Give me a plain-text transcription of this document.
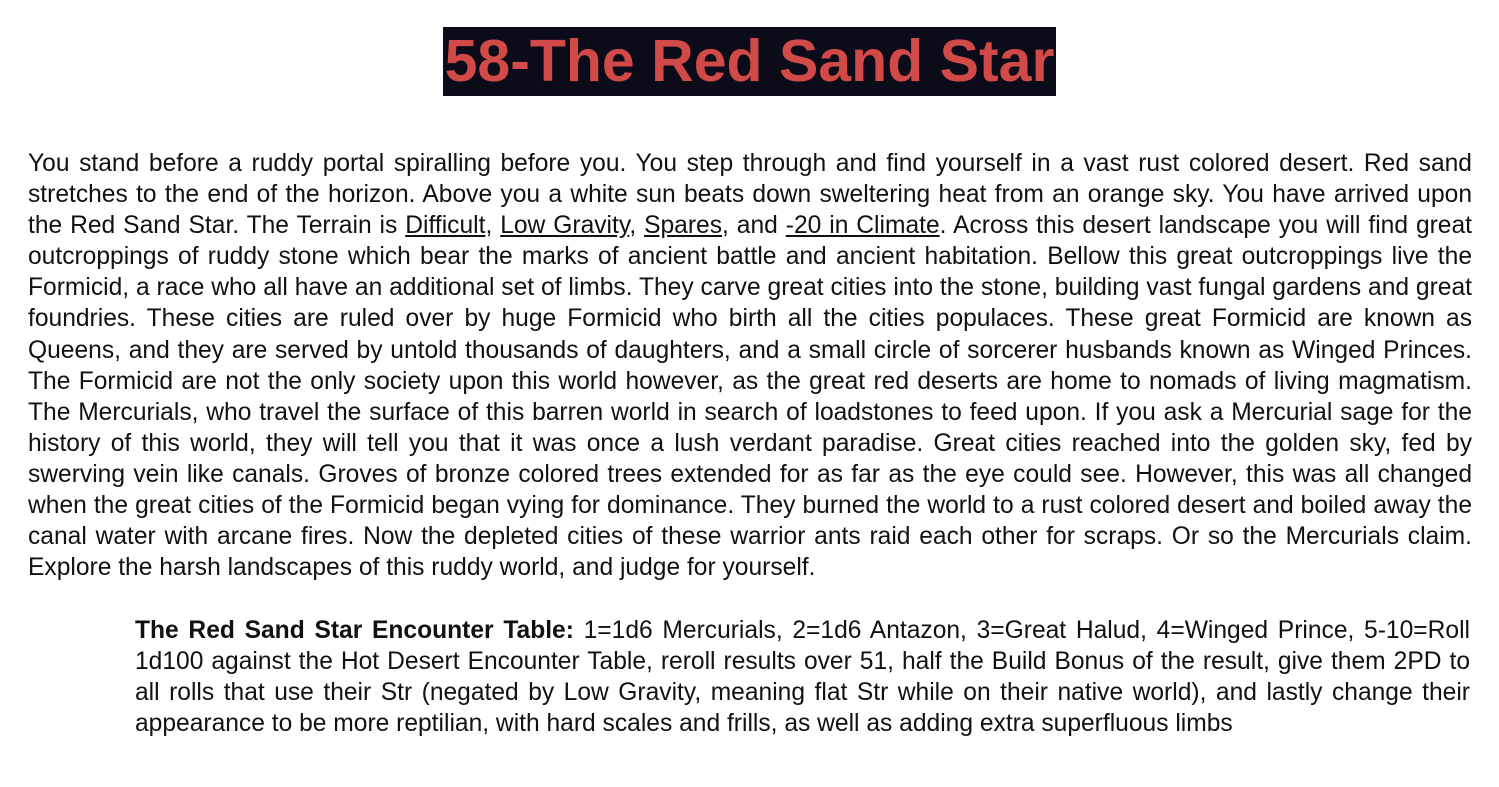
58-The Red Sand Star

You stand before a ruddy portal spiralling before you. You step through and find yourself in a vast rust colored desert. Red sand stretches to the end of the horizon. Above you a white sun beats down sweltering heat from an orange sky. You have arrived upon the Red Sand Star. The Terrain is Difficult, Low Gravity, Spares, and -20 in Climate. Across this desert landscape you will find great outcroppings of ruddy stone which bear the marks of ancient battle and ancient habitation. Bellow this great outcroppings live the Formicid, a race who all have an additional set of limbs. They carve great cities into the stone, building vast fungal gardens and great foundries. These cities are ruled over by huge Formicid who birth all the cities populaces. These great Formicid are known as Queens, and they are served by untold thousands of daughters, and a small circle of sorcerer husbands known as Winged Princes. The Formicid are not the only society upon this world however, as the great red deserts are home to nomads of living magmatism. The Mercurials, who travel the surface of this barren world in search of loadstones to feed upon. If you ask a Mercurial sage for the history of this world, they will tell you that it was once a lush verdant paradise. Great cities reached into the golden sky, fed by swerving vein like canals. Groves of bronze colored trees extended for as far as the eye could see. However, this was all changed when the great cities of the Formicid began vying for dominance. They burned the world to a rust colored desert and boiled away the canal water with arcane fires. Now the depleted cities of these warrior ants raid each other for scraps. Or so the Mercurials claim. Explore the harsh landscapes of this ruddy world, and judge for yourself.

The Red Sand Star Encounter Table: 1=1d6 Mercurials, 2=1d6 Antazon, 3=Great Halud, 4=Winged Prince, 5-10=Roll 1d100 against the Hot Desert Encounter Table, reroll results over 51, half the Build Bonus of the result, give them 2PD to all rolls that use their Str (negated by Low Gravity, meaning flat Str while on their native world), and lastly change their appearance to be more reptilian, with hard scales and frills, as well as adding extra superfluous limbs
